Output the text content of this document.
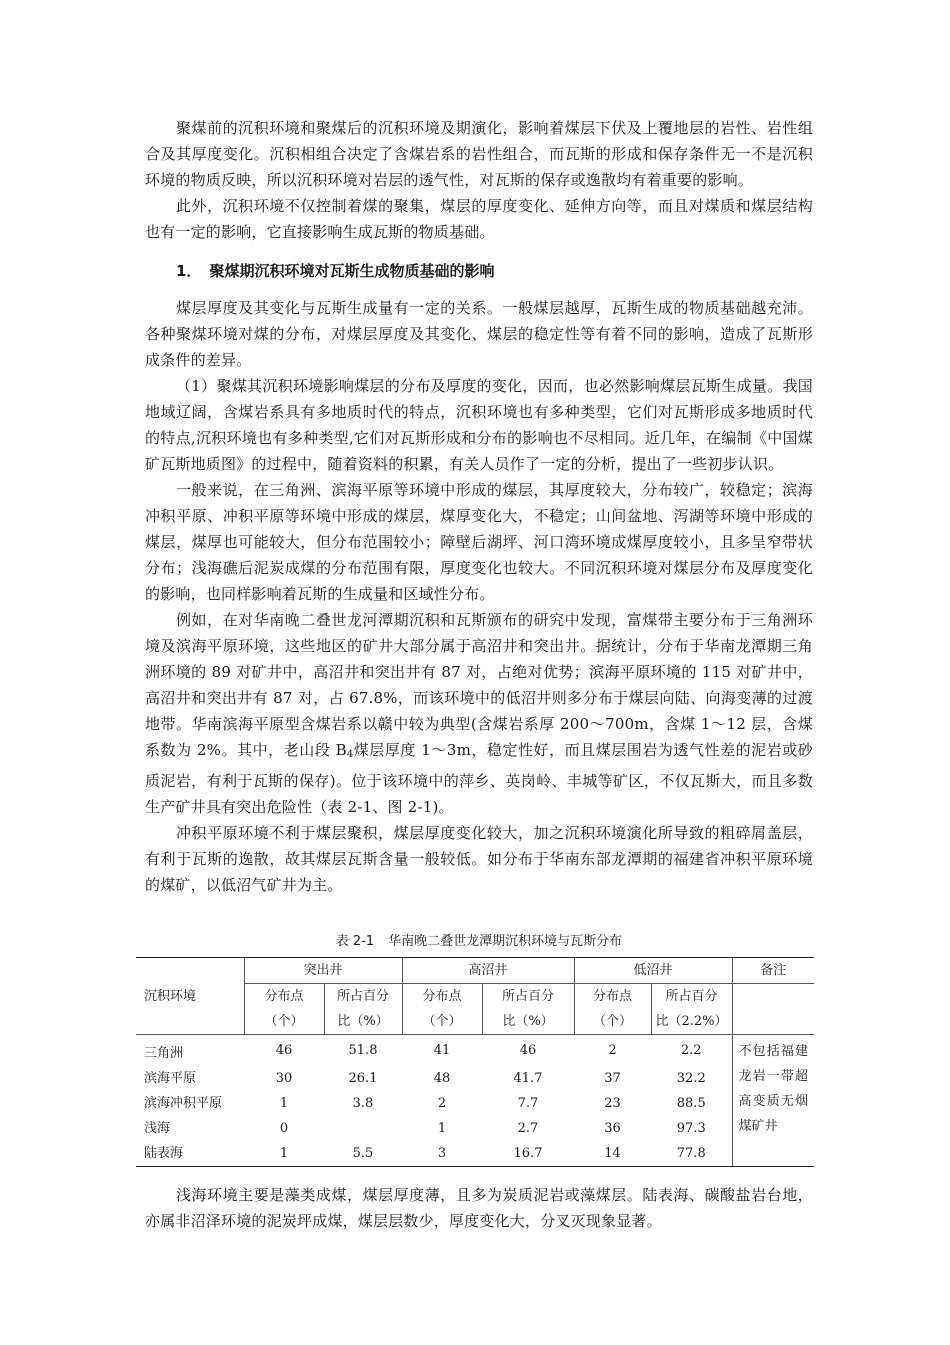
聚煤前的沉积环境和聚煤后的沉积环境及期演化，影响着煤层下伏及上覆地层的岩性、岩性组合及其厚度变化。沉积相组合决定了含煤岩系的岩性组合，而瓦斯的形成和保存条件无一不是沉积环境的物质反映，所以沉积环境对岩层的透气性，对瓦斯的保存或逸散均有着重要的影响。

此外，沉积环境不仅控制着煤的聚集，煤层的厚度变化、延伸方向等，而且对煤质和煤层结构也有一定的影响，它直接影响生成瓦斯的物质基础。

1． 聚煤期沉积环境对瓦斯生成物质基础的影响

煤层厚度及其变化与瓦斯生成量有一定的关系。一般煤层越厚，瓦斯生成的物质基础越充沛。各种聚煤环境对煤的分布，对煤层厚度及其变化、煤层的稳定性等有着不同的影响，造成了瓦斯形成条件的差异。

（1）聚煤其沉积环境影响煤层的分布及厚度的变化，因而，也必然影响煤层瓦斯生成量。我国地域辽阔，含煤岩系具有多地质时代的特点，沉积环境也有多种类型，它们对瓦斯形成多地质时代的特点,沉积环境也有多种类型,它们对瓦斯形成和分布的影响也不尽相同。近几年，在编制《中国煤矿瓦斯地质图》的过程中，随着资料的积累，有关人员作了一定的分析，提出了一些初步认识。

一般来说，在三角洲、滨海平原等环境中形成的煤层，其厚度较大，分布较广，较稳定；滨海冲积平原、冲积平原等环境中形成的煤层，煤厚变化大，不稳定；山间盆地、泻湖等环境中形成的煤层，煤厚也可能较大，但分布范围较小；障壁后湖坪、河口湾环境成煤厚度较小，且多呈窄带状分布；浅海礁后泥炭成煤的分布范围有限，厚度变化也较大。不同沉积环境对煤层分布及厚度变化的影响，也同样影响着瓦斯的生成量和区域性分布。

例如，在对华南晚二叠世龙河潭期沉积和瓦斯颁布的研究中发现，富煤带主要分布于三角洲环境及滨海平原环境，这些地区的矿井大部分属于高沼井和突出井。据统计，分布于华南龙潭期三角洲环境的 89 对矿井中，高沼井和突出井有 87 对，占绝对优势；滨海平原环境的 115 对矿井中，高沼井和突出井有 87 对，占 67.8%，而该环境中的低沼井则多分布于煤层向陆、向海变薄的过渡地带。华南滨海平原型含煤岩系以赣中较为典型(含煤岩系厚 200～700m，含煤 1～12 层，含煤系数为 2%。其中，老山段 $B_4$煤层厚度 1～3m，稳定性好，而且煤层围岩为透气性差的泥岩或砂质泥岩，有利于瓦斯的保存)。位于该环境中的萍乡、英岗岭、丰城等矿区，不仅瓦斯大，而且多数生产矿井具有突出危险性（表 2-1、图 2-1)。

冲积平原环境不利于煤层聚积，煤层厚度变化较大，加之沉积环境演化所导致的粗碎屑盖层，有利于瓦斯的逸散，故其煤层瓦斯含量一般较低。如分布于华南东部龙潭期的福建省冲积平原环境的煤矿，以低沼气矿井为主。

表 2-1 华南晚二叠世龙潭期沉积环境与瓦斯分布
沉积环境	突出井		高沼井		低沼井		备注
	分布点	所占百分	分布点	所占百分	分布点	所占百分	
	（个）	比（%）	（个）	比（%）	（个）	比（2.2%）	
三角洲	46	51.8	41	46	2	2.2	不包括福建龙岩一带超高变质无烟煤矿井
滨海平原	30	26.1	48	41.7	37	32.2	
滨海冲积平原	1	3.8	2	7.7	23	88.5	
浅海	0		1	2.7	36	97.3	
陆表海	1	5.5	3	16.7	14	77.8	

浅海环境主要是藻类成煤，煤层厚度薄，且多为炭质泥岩或藻煤层。陆表海、碳酸盐岩台地，亦属非沼泽环境的泥炭坪成煤，煤层层数少，厚度变化大，分叉灭现象显著。
